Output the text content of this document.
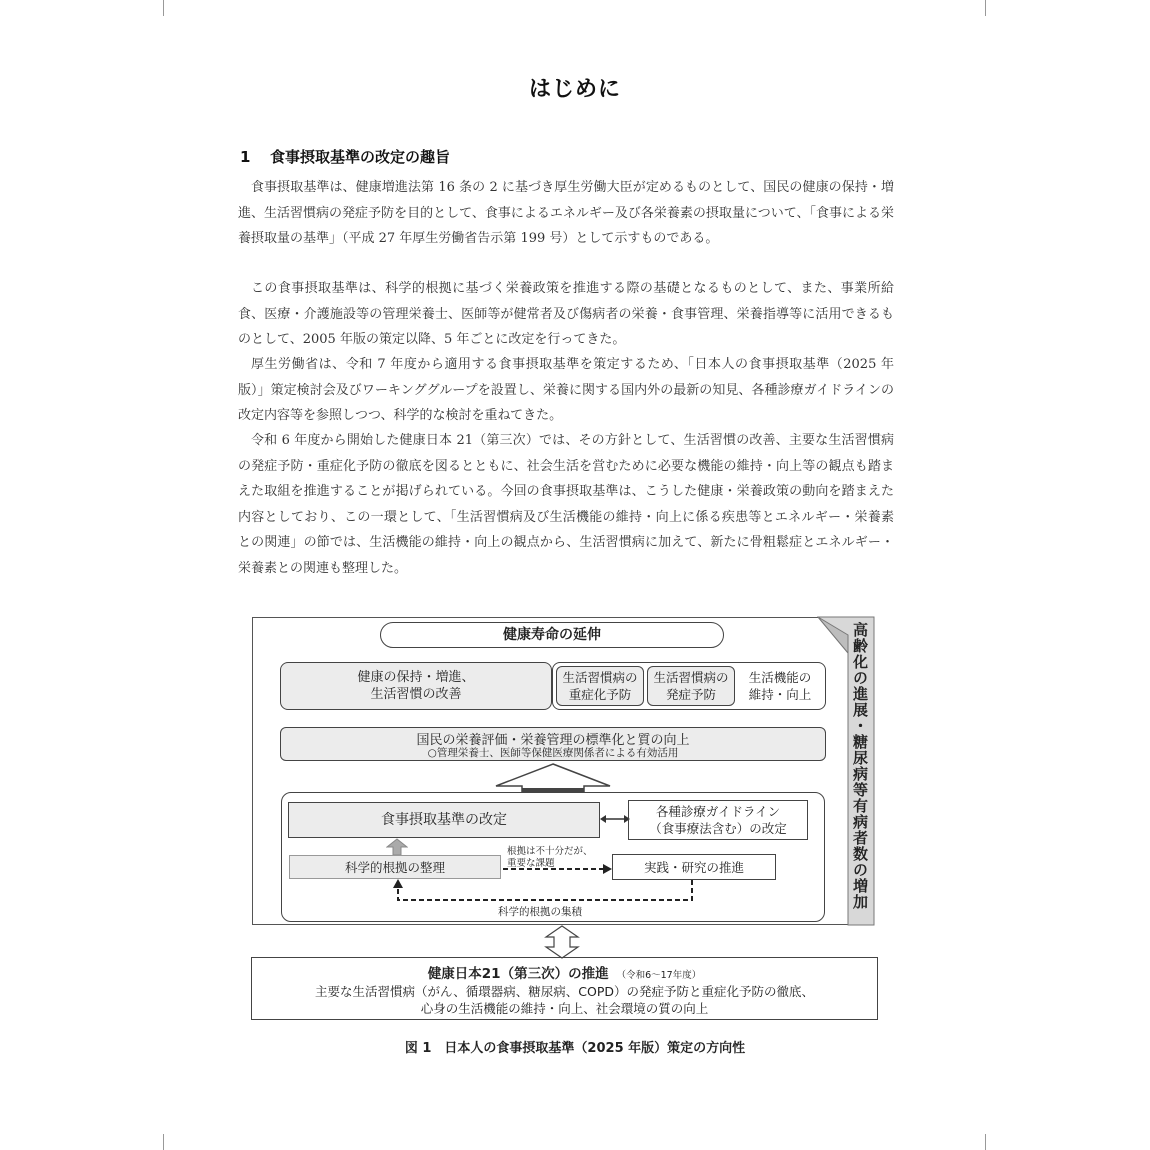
はじめに
1 食事摂取基準の改定の趣旨
食事摂取基準は、健康増進法第 16 条の 2 に基づき厚生労働大臣が定めるものとして、国民の健康の保持・増進、生活習慣病の発症予防を目的として、食事によるエネルギー及び各栄養素の摂取量について、「食事による栄養摂取量の基準」（平成 27 年厚生労働省告示第 199 号）として示すものである。
この食事摂取基準は、科学的根拠に基づく栄養政策を推進する際の基礎となるものとして、また、事業所給食、医療・介護施設等の管理栄養士、医師等が健常者及び傷病者の栄養・食事管理、栄養指導等に活用できるものとして、2005 年版の策定以降、5 年ごとに改定を行ってきた。
厚生労働省は、令和 7 年度から適用する食事摂取基準を策定するため、「日本人の食事摂取基準（2025 年版）」策定検討会及びワーキンググループを設置し、栄養に関する国内外の最新の知見、各種診療ガイドラインの改定内容等を参照しつつ、科学的な検討を重ねてきた。
令和 6 年度から開始した健康日本 21（第三次）では、その方針として、生活習慣の改善、主要な生活習慣病の発症予防・重症化予防の徹底を図るとともに、社会生活を営むために必要な機能の維持・向上等の観点も踏まえた取組を推進することが掲げられている。今回の食事摂取基準は、こうした健康・栄養政策の動向を踏まえた内容としており、この一環として、「生活習慣病及び生活機能の維持・向上に係る疾患等とエネルギー・栄養素との関連」の節では、生活機能の維持・向上の観点から、生活習慣病に加えて、新たに骨粗鬆症とエネルギー・栄養素との関連も整理した。
高齢化の進展・糖尿病等有病者数の増加
健康寿命の延伸
健康の保持・増進、
生活習慣の改善
生活習慣病の
重症化予防
生活習慣病の
発症予防
生活機能の
維持・向上
国民の栄養評価・栄養管理の標準化と質の向上
○管理栄養士、医師等保健医療関係者による有効活用
食事摂取基準の改定	各種診療ガイドライン
（食事療法含む）の改定
科学的根拠の整理
根拠は不十分だが、
重要な課題	実践・研究の推進
科学的根拠の集積
健康日本21（第三次）の推進 （令和6〜17年度）
主要な生活習慣病（がん、循環器病、糖尿病、COPD）の発症予防と重症化予防の徹底、
心身の生活機能の維持・向上、社会環境の質の向上
図 1　日本人の食事摂取基準（2025 年版）策定の方向性
